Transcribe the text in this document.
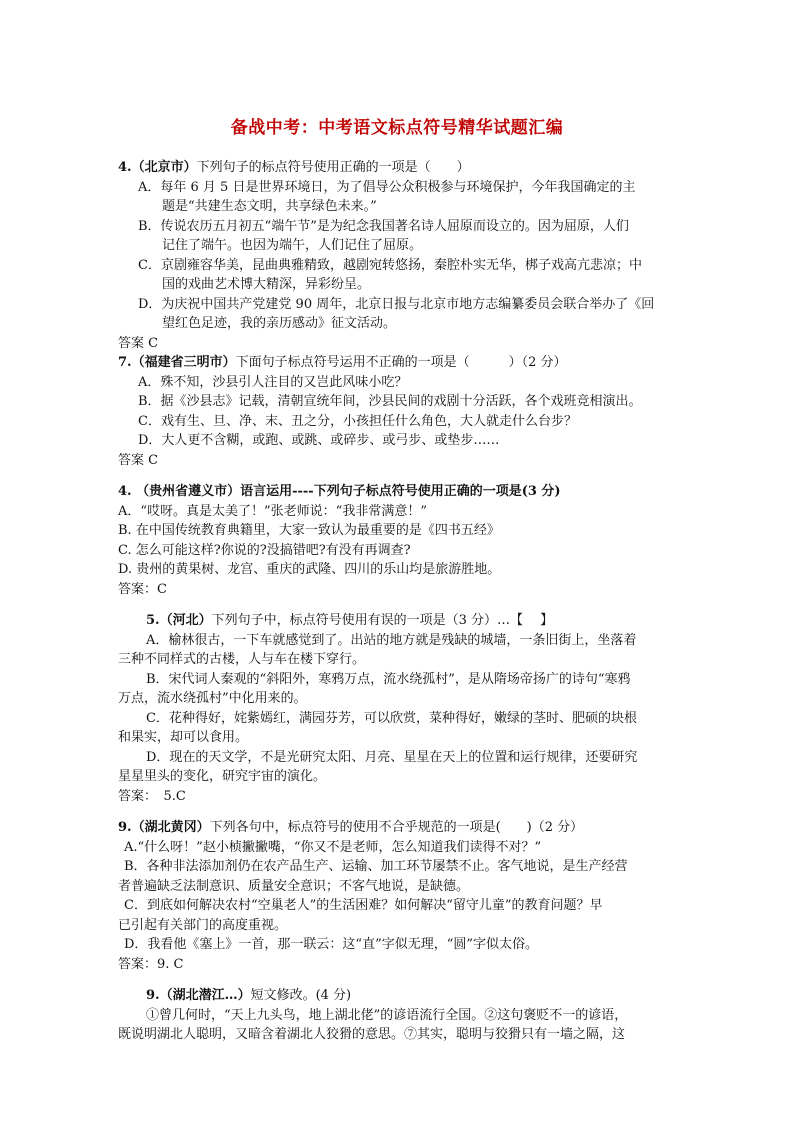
备战中考：中考语文标点符号精华试题汇编
4.（北京市）下列句子的标点符号使用正确的一项是（　　）
A．每年 6 月 5 日是世界环境日，为了倡导公众积极参与环境保护，今年我国确定的主
题是“共建生态文明，共享绿色未来。”
B．传说农历五月初五“端午节”是为纪念我国著名诗人屈原而设立的。因为屈原，人们
记住了端午。也因为端午，人们记住了屈原。
C．京剧雍容华美，昆曲典雅精致，越剧宛转悠扬，秦腔朴实无华，梆子戏高亢悲凉；中
国的戏曲艺术博大精深，异彩纷呈。
D．为庆祝中国共产党建党 90 周年，北京日报与北京市地方志编纂委员会联合举办了《回
望红色足迹，我的亲历感动》征文活动。
答案 C
7.（福建省三明市）下面句子标点符号运用不正确的一项是（　　　）（2 分）
A．殊不知，沙县引人注目的又岂此风味小吃？
B．据《沙县志》记载，清朝宣统年间，沙县民间的戏剧十分活跃，各个戏班竞相演出。
C．戏有生、旦、净、末、丑之分，小孩担任什么角色，大人就走什么台步？
D．大人更不含糊，或跑、或跳、或碎步、或弓步、或垫步……
答案 C
4. （贵州省遵义市）语言运用----下列句子标点符号使用正确的一项是(3 分)
A．“哎呀。真是太美了！”张老师说：“我非常满意！”
B. 在中国传统教育典籍里，大家一致认为最重要的是《四书五经》
C. 怎么可能这样?你说的?没搞错吧?有没有再调查?
D. 贵州的黄果树、龙宫、重庆的武隆、四川的乐山均是旅游胜地。
答案：C
5.（河北）下列句子中，标点符号使用有误的一项是（3 分）…【　 】
A．榆林很古，一下车就感觉到了。出站的地方就是残缺的城墙，一条旧街上，坐落着
三种不同样式的古楼，人与车在楼下穿行。
B．宋代词人秦观的“斜阳外，寒鸦万点，流水绕孤村”，是从隋场帝扬广的诗句“寒鸦
万点，流水绕孤村”中化用来的。
C．花种得好，姹紫嫣红，满园芬芳，可以欣赏，菜种得好，嫩绿的茎时、肥硕的块根
和果实，却可以食用。
D．现在的天文学，不是光研究太阳、月亮、星星在天上的位置和运行规律，还要研究
星星里头的变化，研究宇宙的演化。
答案：　5.C
9.（湖北黄冈）下列各句中，标点符号的使用不合乎规范的一项是(　　)（2 分）
A.“什么呀！”赵小桢撇撇嘴，“你又不是老师，怎么知道我们读得不对？”
B．各种非法添加剂仍在农产品生产、运输、加工环节屡禁不止。客气地说，是生产经营
者普遍缺乏法制意识、质量安全意识；不客气地说，是缺德。
C．到底如何解决农村“空巢老人”的生活困难？如何解决“留守儿童”的教育问题？早
已引起有关部门的高度重视。
D．我看他《塞上》一首，那一联云：这“直”字似无理，“圆”字似太俗。
答案：9. C
9.（湖北潜江…）短文修改。(4 分)
①曾几何时，“天上九头鸟，地上湖北佬”的谚语流行全国。②这句褒贬不一的谚语，
既说明湖北人聪明，又暗含着湖北人狡猾的意思。⑦其实，聪明与狡猾只有一墙之隔，这
